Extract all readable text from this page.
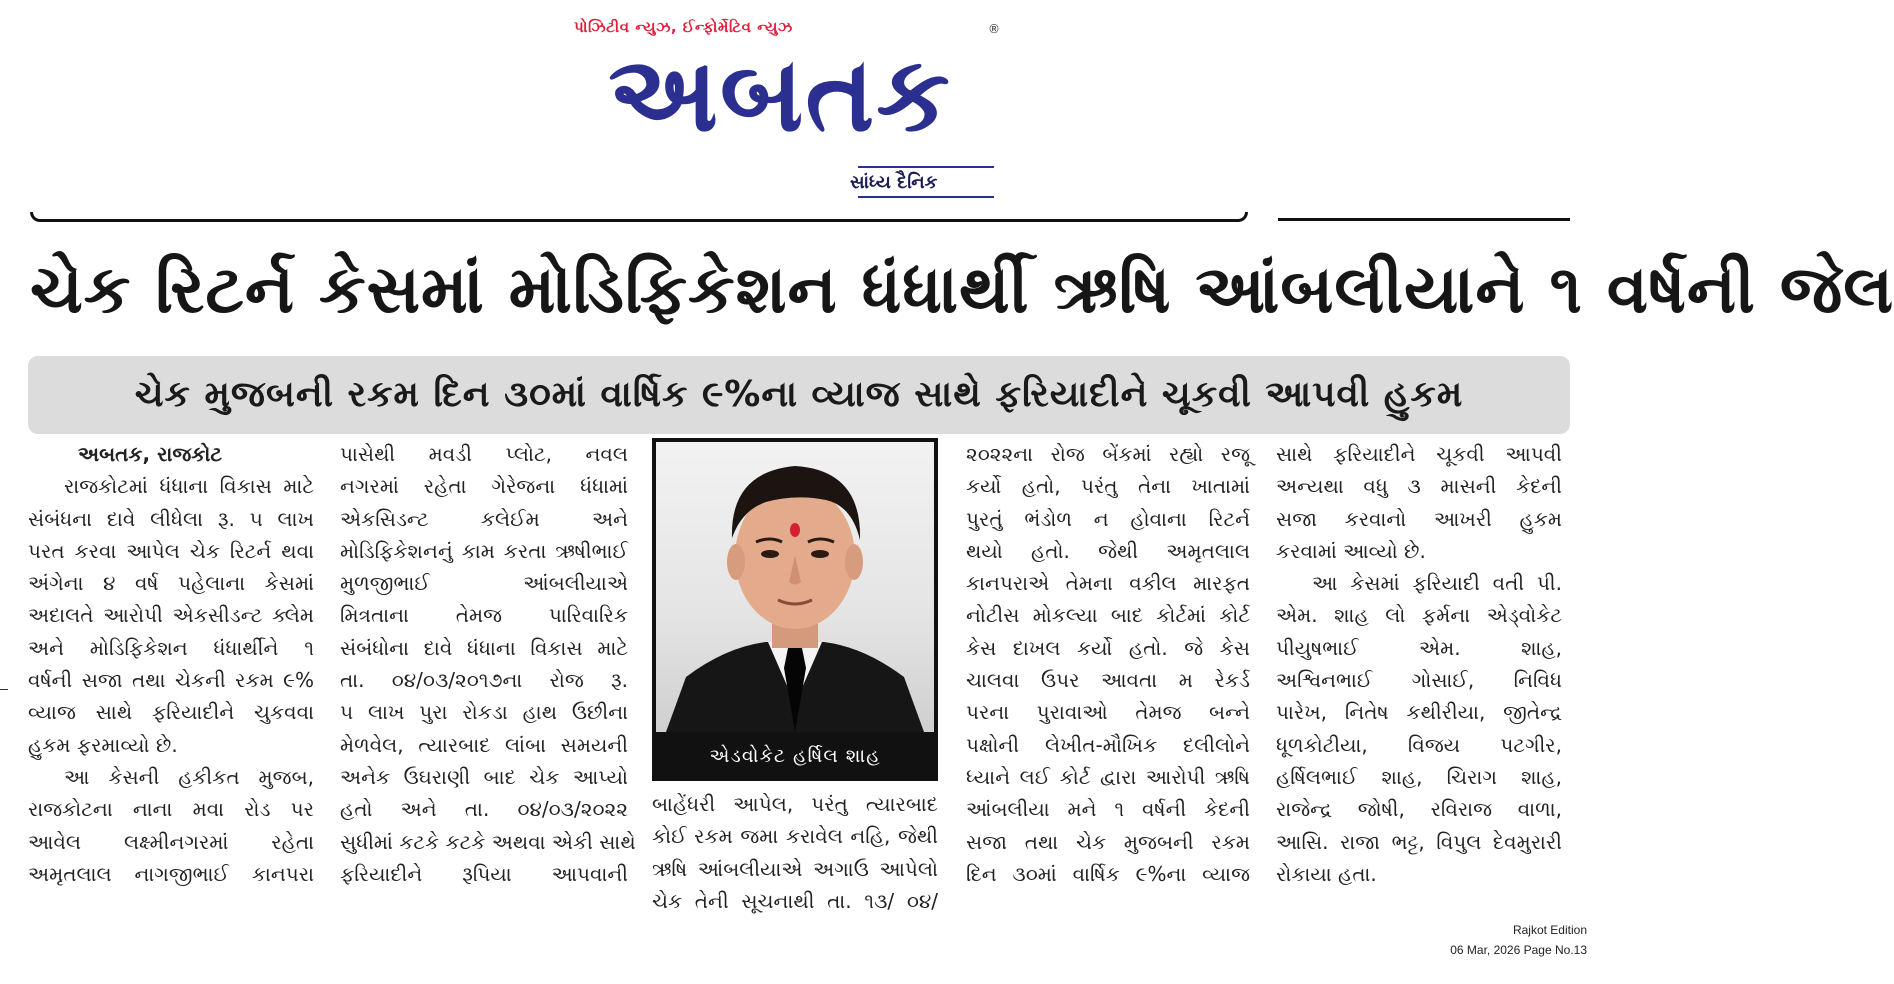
પોઝિટીવ ન્યુઝ, ઈન્ફોર્મેટિવ ન્યુઝ	®
અબતક
સાંધ્ય દૈનિક
ચેક રિટર્ન કેસમાં મોડિફિકેશન ધંધાર્થી ઋષિ આંબલીયાને ૧ વર્ષની જેલ
ચેક મુજબની રકમ દિન ૩૦માં વાર્ષિક ૯%ના વ્યાજ સાથે ફરિયાદીને ચૂકવી આપવી હુકમ
અબતક, રાજકોટ
રાજકોટમાં ધંધાના વિકાસ માટે
સંબંધના દાવે લીધેલા રૂ. ૫ લાખ
પરત કરવા આપેલ ચેક રિટર્ન થવા
અંગેના ૪ વર્ષ પહેલાના કેસમાં
અદાલતે આરોપી એકસીડન્ટ ક્લેમ
અને મોડિફિકેશન ધંધાર્થીને ૧
વર્ષની સજા તથા ચેકની રકમ ૯%
વ્યાજ સાથે ફરિયાદીને ચુકવવા
હુકમ ફરમાવ્યો છે.
આ કેસની હકીકત મુજબ,
રાજકોટના નાના મવા રોડ પર
આવેલ લક્ષ્મીનગરમાં રહેતા
અમૃતલાલ નાગજીભાઈ કાનપરા
પાસેથી મવડી પ્લોટ, નવલ
નગરમાં રહેતા ગેરેજના ધંધામાં
એકસિડન્ટ કલેઈમ અને
મોડિફિકેશનનું કામ કરતા ઋષીભાઈ
મુળજીભાઈ આંબલીયાએ
મિત્રતાના તેમજ પારિવારિક
સંબંધોના દાવે ધંધાના વિકાસ માટે
તા. ૦૪/૦૩/૨૦૧૭ના રોજ રૂ.
૫ લાખ પુરા રોકડા હાથ ઉછીના
મેળવેલ, ત્યારબાદ લાંબા સમયની
અનેક ઉઘરાણી બાદ ચેક આપ્યો
હતો અને તા. ૦૪/૦૩/૨૦૨૨
સુધીમાં કટકે કટકે અથવા એકી સાથે
ફરિયાદીને રૂપિયા આપવાની
એડવોકેટ હર્ષિલ શાહ
બાહેંધરી આપેલ, પરંતુ ત્યારબાદ
કોઈ રકમ જમા કરાવેલ નહિ, જેથી
ઋષિ આંબલીયાએ અગાઉ આપેલો
ચેક તેની સૂચનાથી તા. ૧૩/ ૦૪/
૨૦૨૨ના રોજ બેંકમાં રહ્યો રજૂ
કર્યો હતો, પરંતુ તેના ખાતામાં
પુરતું ભંડોળ ન હોવાના રિટર્ન
થયો હતો. જેથી અમૃતલાલ
કાનપરાએ તેમના વકીલ મારફત
નોટીસ મોકલ્યા બાદ કોર્ટમાં કોર્ટ
કેસ દાખલ કર્યો હતો. જે કેસ
ચાલવા ઉપર આવતા મ રેકર્ડ
પરના પુરાવાઓ તેમજ બન્ને
પક્ષોની લેખીત-મૌખિક દલીલોને
ધ્યાને લઈ કોર્ટ દ્વારા આરોપી ઋષિ
આંબલીયા મને ૧ વર્ષની કેદની
સજા તથા ચેક મુજબની રકમ
દિન ૩૦માં વાર્ષિક ૯%ના વ્યાજ
સાથે ફરિયાદીને ચૂકવી આપવી
અન્યથા વધુ ૩ માસની કેદની
સજા કરવાનો આખરી હુકમ
કરવામાં આવ્યો છે.
આ કેસમાં ફરિયાદી વતી પી.
એમ. શાહ લો ફર્મના એડ્વોકેટ
પીયુષભાઈ એમ. શાહ,
અશ્વિનભાઈ ગોસાઈ, નિવિધ
પારેખ, નિતેષ કથીરીયા, જીતેન્દ્ર
ધૂળકોટીયા, વિજય પટગીર,
હર્ષિલભાઈ શાહ, ચિરાગ શાહ,
રાજેન્દ્ર જોષી, રવિરાજ વાળા,
આસિ. રાજા ભટ્ટ, વિપુલ દેવમુરારી
રોકાયા હતા.
Rajkot Edition
06 Mar, 2026 Page No.13
